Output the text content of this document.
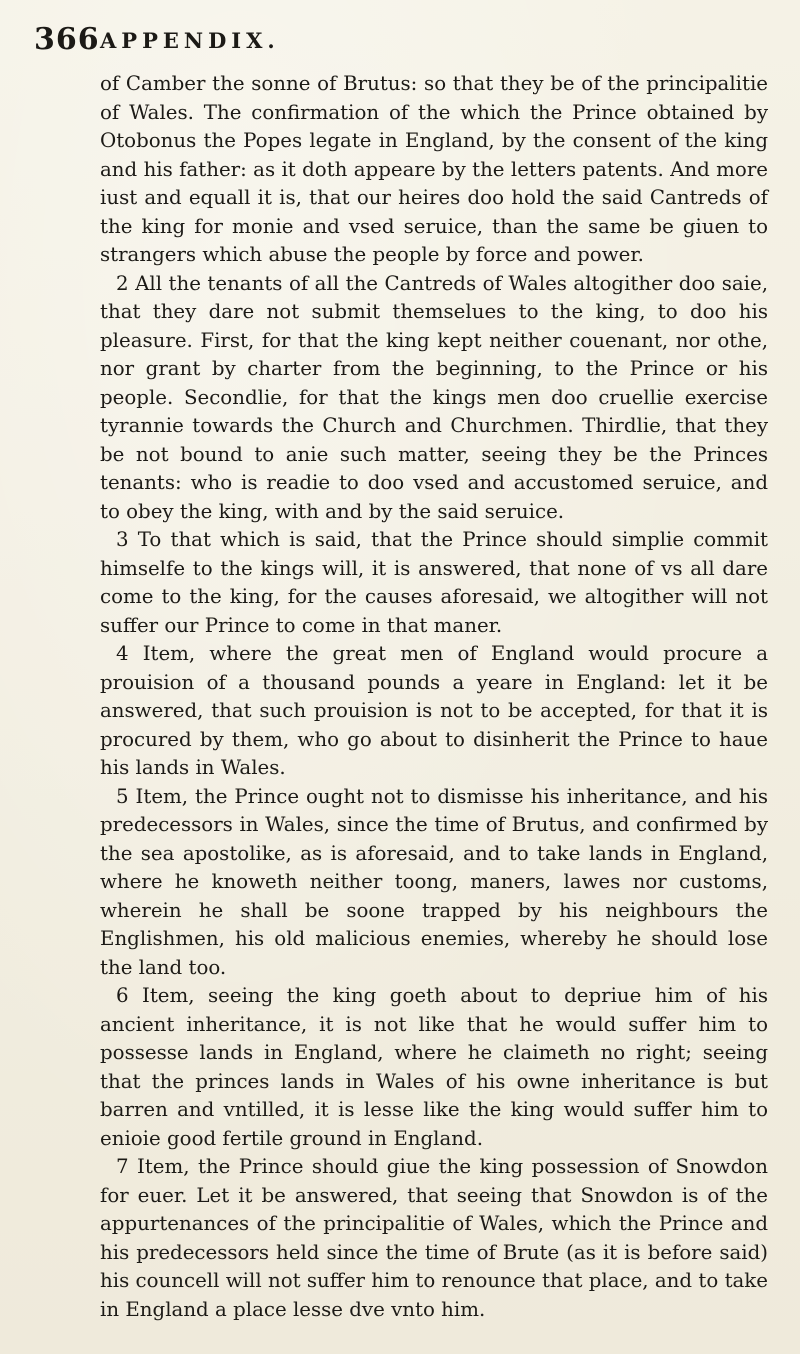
366 APPENDIX.

of Camber the sonne of Brutus: so that they be of the principalitie of Wales. The confirmation of the which the Prince obtained by Otobonus the Popes legate in England, by the consent of the king and his father: as it doth appeare by the letters patents. And more iust and equall it is, that our heires doo hold the said Cantreds of the king for monie and vsed seruice, than the same be giuen to strangers which abuse the people by force and power.

2 All the tenants of all the Cantreds of Wales altogither doo saie, that they dare not submit themselues to the king, to doo his pleasure. First, for that the king kept neither couenant, nor othe, nor grant by charter from the beginning, to the Prince or his people. Secondlie, for that the kings men doo cruellie exercise tyrannie towards the Church and Churchmen. Thirdlie, that they be not bound to anie such matter, seeing they be the Princes tenants: who is readie to doo vsed and accustomed seruice, and to obey the king, with and by the said seruice.

3 To that which is said, that the Prince should simplie commit himselfe to the kings will, it is answered, that none of vs all dare come to the king, for the causes aforesaid, we altogither will not suffer our Prince to come in that maner.

4 Item, where the great men of England would procure a prouision of a thousand pounds a yeare in England: let it be answered, that such prouision is not to be accepted, for that it is procured by them, who go about to disinherit the Prince to haue his lands in Wales.

5 Item, the Prince ought not to dismisse his inheritance, and his predecessors in Wales, since the time of Brutus, and confirmed by the sea apostolike, as is aforesaid, and to take lands in England, where he knoweth neither toong, maners, lawes nor customs, wherein he shall be soone trapped by his neighbours the Englishmen, his old malicious enemies, whereby he should lose the land too.

6 Item, seeing the king goeth about to depriue him of his ancient inheritance, it is not like that he would suffer him to possesse lands in England, where he claimeth no right; seeing that the princes lands in Wales of his owne inheritance is but barren and vntilled, it is lesse like the king would suffer him to enioie good fertile ground in England.

7 Item, the Prince should giue the king possession of Snowdon for euer. Let it be answered, that seeing that Snowdon is of the appurtenances of the principalitie of Wales, which the Prince and his predecessors held since the time of Brute (as it is before said) his councell will not suffer him to renounce that place, and to take in England a place lesse dve vnto him.
